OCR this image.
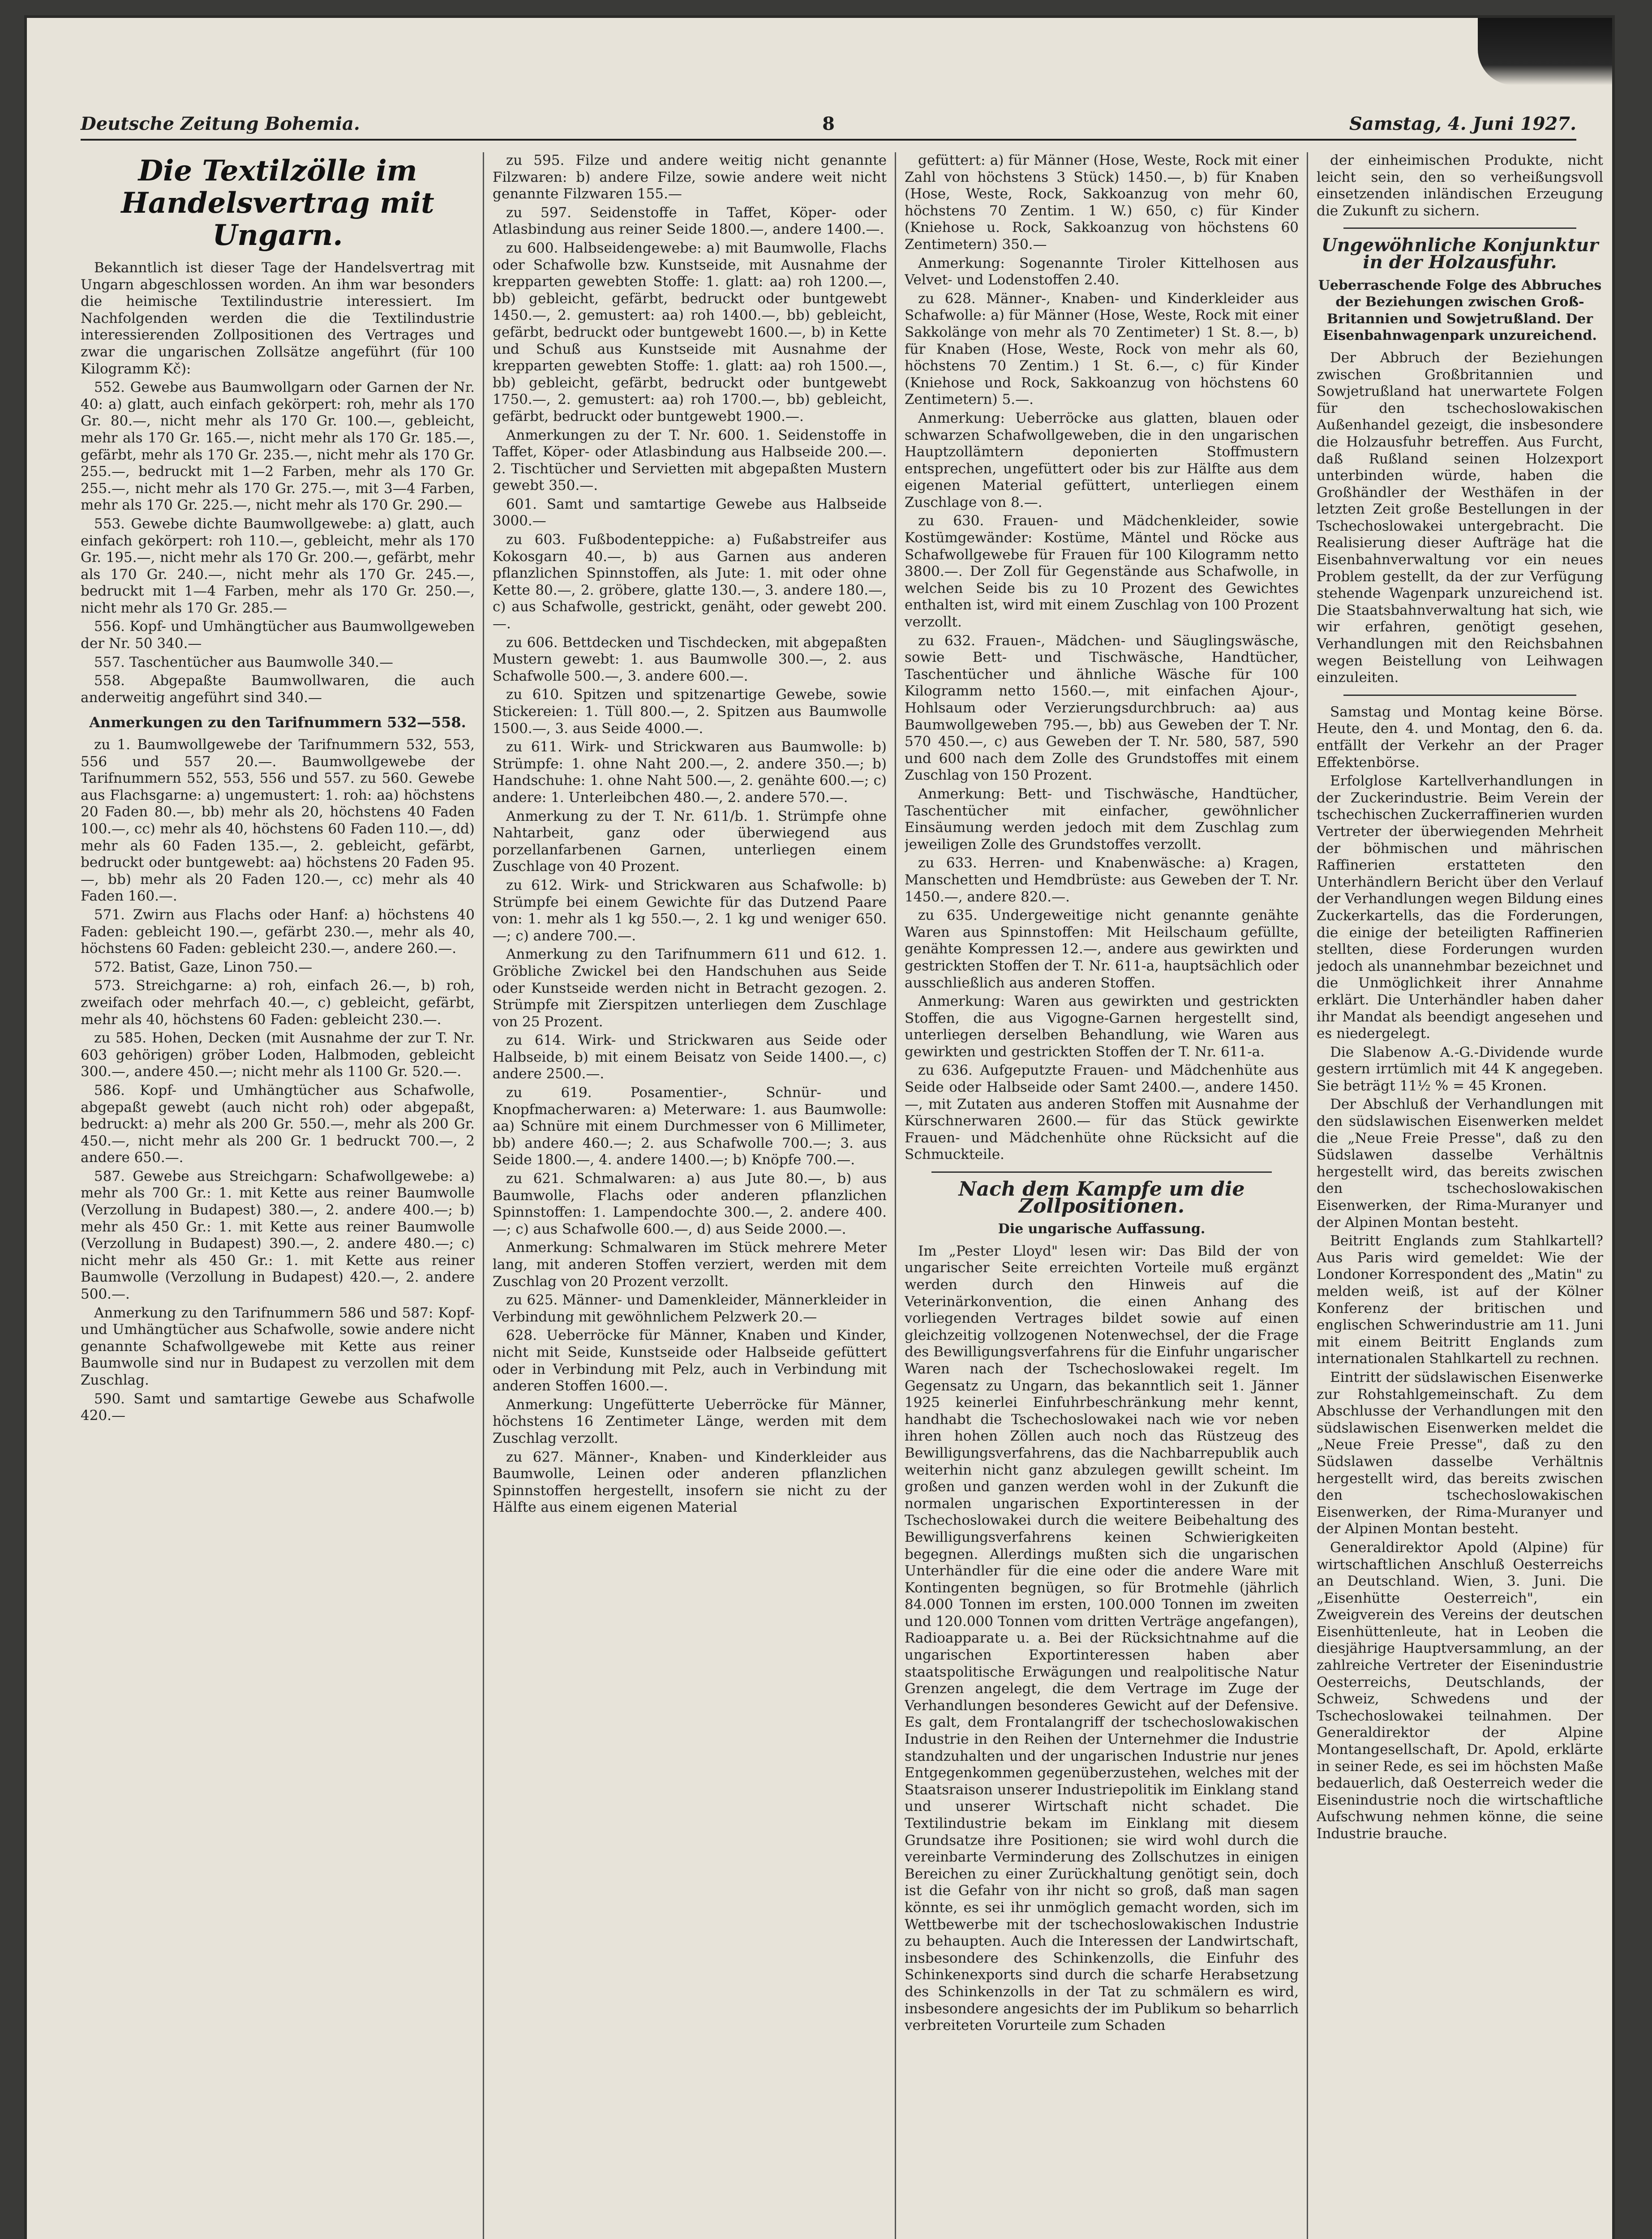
Deutsche Zeitung Bohemia.	8	Samstag, 4. Juni 1927.
Die Textilzölle im Handelsvertrag mit Ungarn.

Bekanntlich ist dieser Tage der Handelsvertrag mit Ungarn abgeschlossen worden. An ihm war besonders die heimische Textilindustrie interessiert. Im Nachfolgenden werden die die Textilindustrie interessierenden Zollpositionen des Vertrages und zwar die ungarischen Zollsätze angeführt (für 100 Kilogramm Kč):

552. Gewebe aus Baumwollgarn oder Garnen der Nr. 40: a) glatt, auch einfach gekörpert: roh, mehr als 170 Gr. 80.—, nicht mehr als 170 Gr. 100.—, gebleicht, mehr als 170 Gr. 165.—, nicht mehr als 170 Gr. 185.—, gefärbt, mehr als 170 Gr. 235.—, nicht mehr als 170 Gr. 255.—, bedruckt mit 1—2 Farben, mehr als 170 Gr. 255.—, nicht mehr als 170 Gr. 275.—, mit 3—4 Farben, mehr als 170 Gr. 225.—, nicht mehr als 170 Gr. 290.—

553. Gewebe dichte Baumwollgewebe: a) glatt, auch einfach gekörpert: roh 110.—, gebleicht, mehr als 170 Gr. 195.—, nicht mehr als 170 Gr. 200.—, gefärbt, mehr als 170 Gr. 240.—, nicht mehr als 170 Gr. 245.—, bedruckt mit 1—4 Farben, mehr als 170 Gr. 250.—, nicht mehr als 170 Gr. 285.—

556. Kopf- und Umhängtücher aus Baumwollgeweben der Nr. 50 340.—

557. Taschentücher aus Baumwolle 340.—

558. Abgepaßte Baumwollwaren, die auch anderweitig angeführt sind 340.—

Anmerkungen zu den Tarifnummern 532—558.

zu 1. Baumwollgewebe der Tarifnummern 532, 553, 556 und 557 20.—. Baumwollgewebe der Tarifnummern 552, 553, 556 und 557. zu 560. Gewebe aus Flachsgarne: a) ungemustert: 1. roh: aa) höchstens 20 Faden 80.—, bb) mehr als 20, höchstens 40 Faden 100.—, cc) mehr als 40, höchstens 60 Faden 110.—, dd) mehr als 60 Faden 135.—, 2. gebleicht, gefärbt, bedruckt oder buntgewebt: aa) höchstens 20 Faden 95.—, bb) mehr als 20 Faden 120.—, cc) mehr als 40 Faden 160.—.

571. Zwirn aus Flachs oder Hanf: a) höchstens 40 Faden: gebleicht 190.—, gefärbt 230.—, mehr als 40, höchstens 60 Faden: gebleicht 230.—, andere 260.—.

572. Batist, Gaze, Linon 750.—

573. Streichgarne: a) roh, einfach 26.—, b) roh, zweifach oder mehrfach 40.—, c) gebleicht, gefärbt, mehr als 40, höchstens 60 Faden: gebleicht 230.—.

zu 585. Hohen, Decken (mit Ausnahme der zur T. Nr. 603 gehörigen) gröber Loden, Halbmoden, gebleicht 300.—, andere 450.—; nicht mehr als 1100 Gr. 520.—.

586. Kopf- und Umhängtücher aus Schafwolle, abgepaßt gewebt (auch nicht roh) oder abgepaßt, bedruckt: a) mehr als 200 Gr. 550.—, mehr als 200 Gr. 450.—, nicht mehr als 200 Gr. 1 bedruckt 700.—, 2 andere 650.—.

587. Gewebe aus Streichgarn: Schafwollgewebe: a) mehr als 700 Gr.: 1. mit Kette aus reiner Baumwolle (Verzollung in Budapest) 380.—, 2. andere 400.—; b) mehr als 450 Gr.: 1. mit Kette aus reiner Baumwolle (Verzollung in Budapest) 390.—, 2. andere 480.—; c) nicht mehr als 450 Gr.: 1. mit Kette aus reiner Baumwolle (Verzollung in Budapest) 420.—, 2. andere 500.—.

Anmerkung zu den Tarifnummern 586 und 587: Kopf- und Umhängtücher aus Schafwolle, sowie andere nicht genannte Schafwollgewebe mit Kette aus reiner Baumwolle sind nur in Budapest zu verzollen mit dem Zuschlag.

590. Samt und samtartige Gewebe aus Schafwolle 420.—

zu 595. Filze und andere weitig nicht genannte Filzwaren: b) andere Filze, sowie andere weit nicht genannte Filzwaren 155.—

zu 597. Seidenstoffe in Taffet, Köper- oder Atlasbindung aus reiner Seide 1800.—, andere 1400.—.

zu 600. Halbseidengewebe: a) mit Baumwolle, Flachs oder Schafwolle bzw. Kunstseide, mit Ausnahme der krepparten gewebten Stoffe: 1. glatt: aa) roh 1200.—, bb) gebleicht, gefärbt, bedruckt oder buntgewebt 1450.—, 2. gemustert: aa) roh 1400.—, bb) gebleicht, gefärbt, bedruckt oder buntgewebt 1600.—, b) in Kette und Schuß aus Kunstseide mit Ausnahme der krepparten gewebten Stoffe: 1. glatt: aa) roh 1500.—, bb) gebleicht, gefärbt, bedruckt oder buntgewebt 1750.—, 2. gemustert: aa) roh 1700.—, bb) gebleicht, gefärbt, bedruckt oder buntgewebt 1900.—.

Anmerkungen zu der T. Nr. 600. 1. Seidenstoffe in Taffet, Köper- oder Atlasbindung aus Halbseide 200.—. 2. Tischtücher und Servietten mit abgepaßten Mustern gewebt 350.—.

601. Samt und samtartige Gewebe aus Halbseide 3000.—

zu 603. Fußbodenteppiche: a) Fußabstreifer aus Kokosgarn 40.—, b) aus Garnen aus anderen pflanzlichen Spinnstoffen, als Jute: 1. mit oder ohne Kette 80.—, 2. gröbere, glatte 130.—, 3. andere 180.—, c) aus Schafwolle, gestrickt, genäht, oder gewebt 200.—.

zu 606. Bettdecken und Tischdecken, mit abgepaßten Mustern gewebt: 1. aus Baumwolle 300.—, 2. aus Schafwolle 500.—, 3. andere 600.—.

zu 610. Spitzen und spitzenartige Gewebe, sowie Stickereien: 1. Tüll 800.—, 2. Spitzen aus Baumwolle 1500.—, 3. aus Seide 4000.—.

zu 611. Wirk- und Strickwaren aus Baumwolle: b) Strümpfe: 1. ohne Naht 200.—, 2. andere 350.—; b) Handschuhe: 1. ohne Naht 500.—, 2. genähte 600.—; c) andere: 1. Unterleibchen 480.—, 2. andere 570.—.

Anmerkung zu der T. Nr. 611/b. 1. Strümpfe ohne Nahtarbeit, ganz oder überwiegend aus porzellanfarbenen Garnen, unterliegen einem Zuschlage von 40 Prozent.

zu 612. Wirk- und Strickwaren aus Schafwolle: b) Strümpfe bei einem Gewichte für das Dutzend Paare von: 1. mehr als 1 kg 550.—, 2. 1 kg und weniger 650.—; c) andere 700.—.

Anmerkung zu den Tarifnummern 611 und 612. 1. Gröbliche Zwickel bei den Handschuhen aus Seide oder Kunstseide werden nicht in Betracht gezogen. 2. Strümpfe mit Zierspitzen unterliegen dem Zuschlage von 25 Prozent.

zu 614. Wirk- und Strickwaren aus Seide oder Halbseide, b) mit einem Beisatz von Seide 1400.—, c) andere 2500.—.

zu 619. Posamentier-, Schnür- und Knopfmacherwaren: a) Meterware: 1. aus Baumwolle: aa) Schnüre mit einem Durchmesser von 6 Millimeter, bb) andere 460.—; 2. aus Schafwolle 700.—; 3. aus Seide 1800.—, 4. andere 1400.—; b) Knöpfe 700.—.

zu 621. Schmalwaren: a) aus Jute 80.—, b) aus Baumwolle, Flachs oder anderen pflanzlichen Spinnstoffen: 1. Lampendochte 300.—, 2. andere 400.—; c) aus Schafwolle 600.—, d) aus Seide 2000.—.

Anmerkung: Schmalwaren im Stück mehrere Meter lang, mit anderen Stoffen verziert, werden mit dem Zuschlag von 20 Prozent verzollt.

zu 625. Männer- und Damenkleider, Männerkleider in Verbindung mit gewöhnlichem Pelzwerk 20.—

628. Ueberröcke für Männer, Knaben und Kinder, nicht mit Seide, Kunstseide oder Halbseide gefüttert oder in Verbindung mit Pelz, auch in Verbindung mit anderen Stoffen 1600.—.

Anmerkung: Ungefütterte Ueberröcke für Männer, höchstens 16 Zentimeter Länge, werden mit dem Zuschlag verzollt.

zu 627. Männer-, Knaben- und Kinderkleider aus Baumwolle, Leinen oder anderen pflanzlichen Spinnstoffen hergestellt, insofern sie nicht zu der Hälfte aus einem eigenen Material

gefüttert: a) für Männer (Hose, Weste, Rock mit einer Zahl von höchstens 3 Stück) 1450.—, b) für Knaben (Hose, Weste, Rock, Sakkoanzug von mehr 60, höchstens 70 Zentim. 1 W.) 650, c) für Kinder (Kniehose u. Rock, Sakkoanzug von höchstens 60 Zentimetern) 350.—

Anmerkung: Sogenannte Tiroler Kittelhosen aus Velvet- und Lodenstoffen 2.40.

zu 628. Männer-, Knaben- und Kinderkleider aus Schafwolle: a) für Männer (Hose, Weste, Rock mit einer Sakkolänge von mehr als 70 Zentimeter) 1 St. 8.—, b) für Knaben (Hose, Weste, Rock von mehr als 60, höchstens 70 Zentim.) 1 St. 6.—, c) für Kinder (Kniehose und Rock, Sakkoanzug von höchstens 60 Zentimetern) 5.—.

Anmerkung: Ueberröcke aus glatten, blauen oder schwarzen Schafwollgeweben, die in den ungarischen Hauptzollämtern deponierten Stoffmustern entsprechen, ungefüttert oder bis zur Hälfte aus dem eigenen Material gefüttert, unterliegen einem Zuschlage von 8.—.

zu 630. Frauen- und Mädchenkleider, sowie Kostümgewänder: Kostüme, Mäntel und Röcke aus Schafwollgewebe für Frauen für 100 Kilogramm netto 3800.—. Der Zoll für Gegenstände aus Schafwolle, in welchen Seide bis zu 10 Prozent des Gewichtes enthalten ist, wird mit einem Zuschlag von 100 Prozent verzollt.

zu 632. Frauen-, Mädchen- und Säuglingswäsche, sowie Bett- und Tischwäsche, Handtücher, Taschentücher und ähnliche Wäsche für 100 Kilogramm netto 1560.—, mit einfachen Ajour-, Hohlsaum oder Verzierungsdurchbruch: aa) aus Baumwollgeweben 795.—, bb) aus Geweben der T. Nr. 570 450.—, c) aus Geweben der T. Nr. 580, 587, 590 und 600 nach dem Zolle des Grundstoffes mit einem Zuschlag von 150 Prozent.

Anmerkung: Bett- und Tischwäsche, Handtücher, Taschentücher mit einfacher, gewöhnlicher Einsäumung werden jedoch mit dem Zuschlag zum jeweiligen Zolle des Grundstoffes verzollt.

zu 633. Herren- und Knabenwäsche: a) Kragen, Manschetten und Hemdbrüste: aus Geweben der T. Nr. 1450.—, andere 820.—.

zu 635. Undergeweitige nicht genannte genähte Waren aus Spinnstoffen: Mit Heilschaum gefüllte, genähte Kompressen 12.—, andere aus gewirkten und gestrickten Stoffen der T. Nr. 611-a, hauptsächlich oder ausschließlich aus anderen Stoffen.

Anmerkung: Waren aus gewirkten und gestrickten Stoffen, die aus Vigogne-Garnen hergestellt sind, unterliegen derselben Behandlung, wie Waren aus gewirkten und gestrickten Stoffen der T. Nr. 611-a.

zu 636. Aufgeputzte Frauen- und Mädchenhüte aus Seide oder Halbseide oder Samt 2400.—, andere 1450.—, mit Zutaten aus anderen Stoffen mit Ausnahme der Kürschnerwaren 2600.— für das Stück gewirkte Frauen- und Mädchenhüte ohne Rücksicht auf die Schmuckteile.

Nach dem Kampfe um die Zollpositionen.
Die ungarische Auffassung.

Im „Pester Lloyd" lesen wir: Das Bild der von ungarischer Seite erreichten Vorteile muß ergänzt werden durch den Hinweis auf die Veterinärkonvention, die einen Anhang des vorliegenden Vertrages bildet sowie auf einen gleichzeitig vollzogenen Notenwechsel, der die Frage des Bewilligungsverfahrens für die Einfuhr ungarischer Waren nach der Tschechoslowakei regelt. Im Gegensatz zu Ungarn, das bekanntlich seit 1. Jänner 1925 keinerlei Einfuhrbeschränkung mehr kennt, handhabt die Tschechoslowakei nach wie vor neben ihren hohen Zöllen auch noch das Rüstzeug des Bewilligungsverfahrens, das die Nachbarrepublik auch weiterhin nicht ganz abzulegen gewillt scheint. Im großen und ganzen werden wohl in der Zukunft die normalen ungarischen Exportinteressen in der Tschechoslowakei durch die weitere Beibehaltung des Bewilligungsverfahrens keinen Schwierigkeiten begegnen. Allerdings mußten sich die ungarischen Unterhändler für die eine oder die andere Ware mit Kontingenten begnügen, so für Brotmehle (jährlich 84.000 Tonnen im ersten, 100.000 Tonnen im zweiten und 120.000 Tonnen vom dritten Verträge angefangen), Radioapparate u. a. Bei der Rücksichtnahme auf die ungarischen Exportinteressen haben aber staatspolitische Erwägungen und realpolitische Natur Grenzen angelegt, die dem Vertrage im Zuge der Verhandlungen besonderes Gewicht auf der Defensive. Es galt, dem Frontalangriff der tschechoslowakischen Industrie in den Reihen der Unternehmer die Industrie standzuhalten und der ungarischen Industrie nur jenes Entgegenkommen gegenüberzustehen, welches mit der Staatsraison unserer Industriepolitik im Einklang stand und unserer Wirtschaft nicht schadet. Die Textilindustrie bekam im Einklang mit diesem Grundsatze ihre Positionen; sie wird wohl durch die vereinbarte Verminderung des Zollschutzes in einigen Bereichen zu einer Zurückhaltung genötigt sein, doch ist die Gefahr von ihr nicht so groß, daß man sagen könnte, es sei ihr unmöglich gemacht worden, sich im Wettbewerbe mit der tschechoslowakischen Industrie zu behaupten. Auch die Interessen der Landwirtschaft, insbesondere des Schinkenzolls, die Einfuhr des Schinkenexports sind durch die scharfe Herabsetzung des Schinkenzolls in der Tat zu schmälern es wird, insbesondere angesichts der im Publikum so beharrlich verbreiteten Vorurteile zum Schaden

der einheimischen Produkte, nicht leicht sein, den so verheißungsvoll einsetzenden inländischen Erzeugung die Zukunft zu sichern.

Ungewöhnliche Konjunktur in der Holzausfuhr.
Ueberraschende Folge des Abbruches der Beziehungen zwischen Groß-Britannien und Sowjetrußland. Der Eisenbahnwagenpark unzureichend.

Der Abbruch der Beziehungen zwischen Großbritannien und Sowjetrußland hat unerwartete Folgen für den tschechoslowakischen Außenhandel gezeigt, die insbesondere die Holzausfuhr betreffen. Aus Furcht, daß Rußland seinen Holzexport unterbinden würde, haben die Großhändler der Westhäfen in der letzten Zeit große Bestellungen in der Tschechoslowakei untergebracht. Die Realisierung dieser Aufträge hat die Eisenbahnverwaltung vor ein neues Problem gestellt, da der zur Verfügung stehende Wagenpark unzureichend ist. Die Staatsbahnverwaltung hat sich, wie wir erfahren, genötigt gesehen, Verhandlungen mit den Reichsbahnen wegen Beistellung von Leihwagen einzuleiten.

Samstag und Montag keine Börse. Heute, den 4. und Montag, den 6. da. entfällt der Verkehr an der Prager Effektenbörse.

Erfolglose Kartellverhandlungen in der Zuckerindustrie. Beim Verein der tschechischen Zuckerraffinerien wurden Vertreter der überwiegenden Mehrheit der böhmischen und mährischen Raffinerien erstatteten den Unterhändlern Bericht über den Verlauf der Verhandlungen wegen Bildung eines Zuckerkartells, das die Forderungen, die einige der beteiligten Raffinerien stellten, diese Forderungen wurden jedoch als unannehmbar bezeichnet und die Unmöglichkeit ihrer Annahme erklärt. Die Unterhändler haben daher ihr Mandat als beendigt angesehen und es niedergelegt.

Die Slabenow A.-G.-Dividende wurde gestern irrtümlich mit 44 K angegeben. Sie beträgt 11½ % = 45 Kronen.

Der Abschluß der Verhandlungen mit den südslawischen Eisenwerken meldet die „Neue Freie Presse", daß zu den Südslawen dasselbe Verhältnis hergestellt wird, das bereits zwischen den tschechoslowakischen Eisenwerken, der Rima-Muranyer und der Alpinen Montan besteht.

Beitritt Englands zum Stahlkartell? Aus Paris wird gemeldet: Wie der Londoner Korrespondent des „Matin" zu melden weiß, ist auf der Kölner Konferenz der britischen und englischen Schwerindustrie am 11. Juni mit einem Beitritt Englands zum internationalen Stahlkartell zu rechnen.

Eintritt der südslawischen Eisenwerke zur Rohstahlgemeinschaft. Zu dem Abschlusse der Verhandlungen mit den südslawischen Eisenwerken meldet die „Neue Freie Presse", daß zu den Südslawen dasselbe Verhältnis hergestellt wird, das bereits zwischen den tschechoslowakischen Eisenwerken, der Rima-Muranyer und der Alpinen Montan besteht.

Generaldirektor Apold (Alpine) für wirtschaftlichen Anschluß Oesterreichs an Deutschland. Wien, 3. Juni. Die „Eisenhütte Oesterreich", ein Zweigverein des Vereins der deutschen Eisenhüttenleute, hat in Leoben die diesjährige Hauptversammlung, an der zahlreiche Vertreter der Eisenindustrie Oesterreichs, Deutschlands, der Schweiz, Schwedens und der Tschechoslowakei teilnahmen. Der Generaldirektor der Alpine Montangesellschaft, Dr. Apold, erklärte in seiner Rede, es sei im höchsten Maße bedauerlich, daß Oesterreich weder die Eisenindustrie noch die wirtschaftliche Aufschwung nehmen könne, die seine Industrie brauche.
